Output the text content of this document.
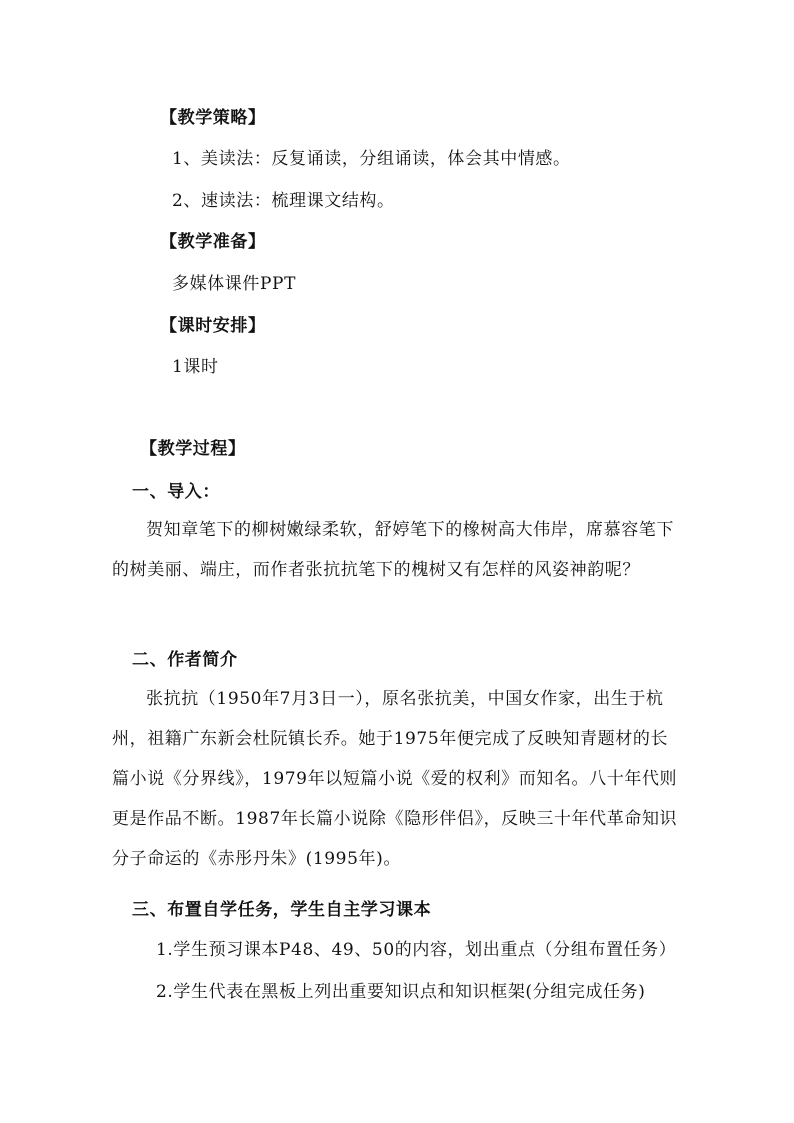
【教学策略】
1、美读法：反复诵读，分组诵读，体会其中情感。
2、速读法：梳理课文结构。
【教学准备】
多媒体课件PPT
【课时安排】
1课时
【教学过程】
一、导入：

贺知章笔下的柳树嫩绿柔软，舒婷笔下的橡树高大伟岸，席慕容笔下的树美丽、端庄，而作者张抗抗笔下的槐树又有怎样的风姿神韵呢？

二、作者简介

张抗抗（1950年7月3日一），原名张抗美，中国女作家，出生于杭州，祖籍广东新会杜阮镇长乔。她于1975年便完成了反映知青题材的长篇小说《分界线》，1979年以短篇小说《爱的权利》而知名。八十年代则更是作品不断。1987年长篇小说除《隐形伴侣》，反映三十年代革命知识分子命运的《赤彤丹朱》(1995年)。

三、布置自学任务，学生自主学习课本
1.学生预习课本P48、49、50的内容，划出重点（分组布置任务）
2.学生代表在黑板上列出重要知识点和知识框架(分组完成任务)
